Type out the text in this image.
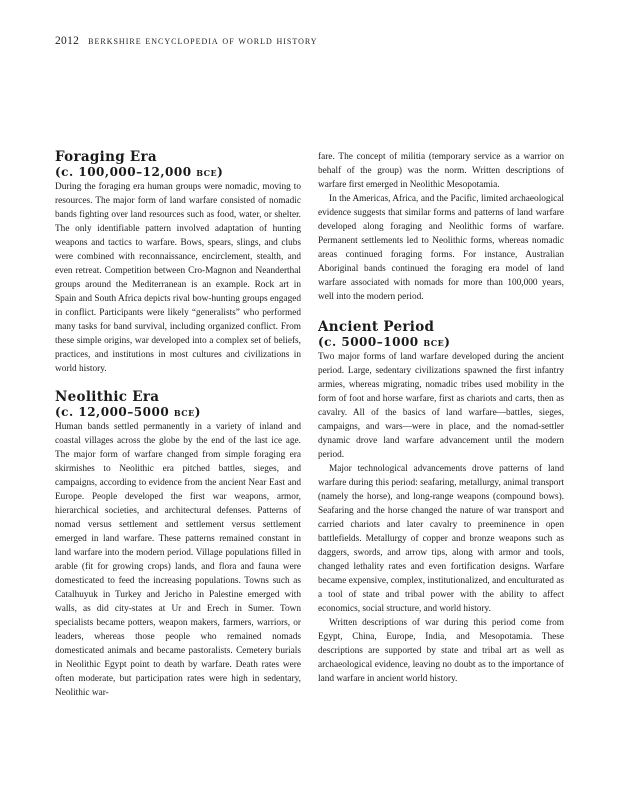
2012 berkshire encyclopedia of world history
Foraging Era
(c. 100,000–12,000 bce)

During the foraging era human groups were nomadic, moving to resources. The major form of land warfare consisted of nomadic bands fighting over land resources such as food, water, or shelter. The only identifiable pattern involved adaptation of hunting weapons and tactics to warfare. Bows, spears, slings, and clubs were combined with reconnaissance, encirclement, stealth, and even retreat. Competition between Cro-Magnon and Neanderthal groups around the Mediterranean is an example. Rock art in Spain and South Africa depicts rival bow-hunting groups engaged in conflict. Participants were likely “generalists” who performed many tasks for band survival, including organized conflict. From these simple origins, war developed into a complex set of beliefs, practices, and institutions in most cultures and civilizations in world history.

Neolithic Era
(c. 12,000–5000 bce)

Human bands settled permanently in a variety of inland and coastal villages across the globe by the end of the last ice age. The major form of warfare changed from simple foraging era skirmishes to Neolithic era pitched battles, sieges, and campaigns, according to evidence from the ancient Near East and Europe. People developed the first war weapons, armor, hierarchical societies, and architectural defenses. Patterns of nomad versus settlement and settlement versus settlement emerged in land warfare. These patterns remained constant in land warfare into the modern period. Village populations filled in arable (fit for growing crops) lands, and flora and fauna were domesticated to feed the increasing populations. Towns such as Catalhuyuk in Turkey and Jericho in Palestine emerged with walls, as did city-states at Ur and Erech in Sumer. Town specialists became potters, weapon makers, farmers, warriors, or leaders, whereas those people who remained nomads domesticated animals and became pastoralists. Cemetery burials in Neolithic Egypt point to death by warfare. Death rates were often moderate, but participation rates were high in sedentary, Neolithic war-

fare. The concept of militia (temporary service as a warrior on behalf of the group) was the norm. Written descriptions of warfare first emerged in Neolithic Mesopotamia.

In the Americas, Africa, and the Pacific, limited archaeological evidence suggests that similar forms and patterns of land warfare developed along foraging and Neolithic forms of warfare. Permanent settlements led to Neolithic forms, whereas nomadic areas continued foraging forms. For instance, Australian Aboriginal bands continued the foraging era model of land warfare associated with nomads for more than 100,000 years, well into the modern period.

Ancient Period
(c. 5000–1000 bce)

Two major forms of land warfare developed during the ancient period. Large, sedentary civilizations spawned the first infantry armies, whereas migrating, nomadic tribes used mobility in the form of foot and horse warfare, first as chariots and carts, then as cavalry. All of the basics of land warfare—battles, sieges, campaigns, and wars—were in place, and the nomad-settler dynamic drove land warfare advancement until the modern period.

Major technological advancements drove patterns of land warfare during this period: seafaring, metallurgy, animal transport (namely the horse), and long-range weapons (compound bows). Seafaring and the horse changed the nature of war transport and carried chariots and later cavalry to preeminence in open battlefields. Metallurgy of copper and bronze weapons such as daggers, swords, and arrow tips, along with armor and tools, changed lethality rates and even fortification designs. Warfare became expensive, complex, institutionalized, and enculturated as a tool of state and tribal power with the ability to affect economics, social structure, and world history.

Written descriptions of war during this period come from Egypt, China, Europe, India, and Mesopotamia. These descriptions are supported by state and tribal art as well as archaeological evidence, leaving no doubt as to the importance of land warfare in ancient world history.
